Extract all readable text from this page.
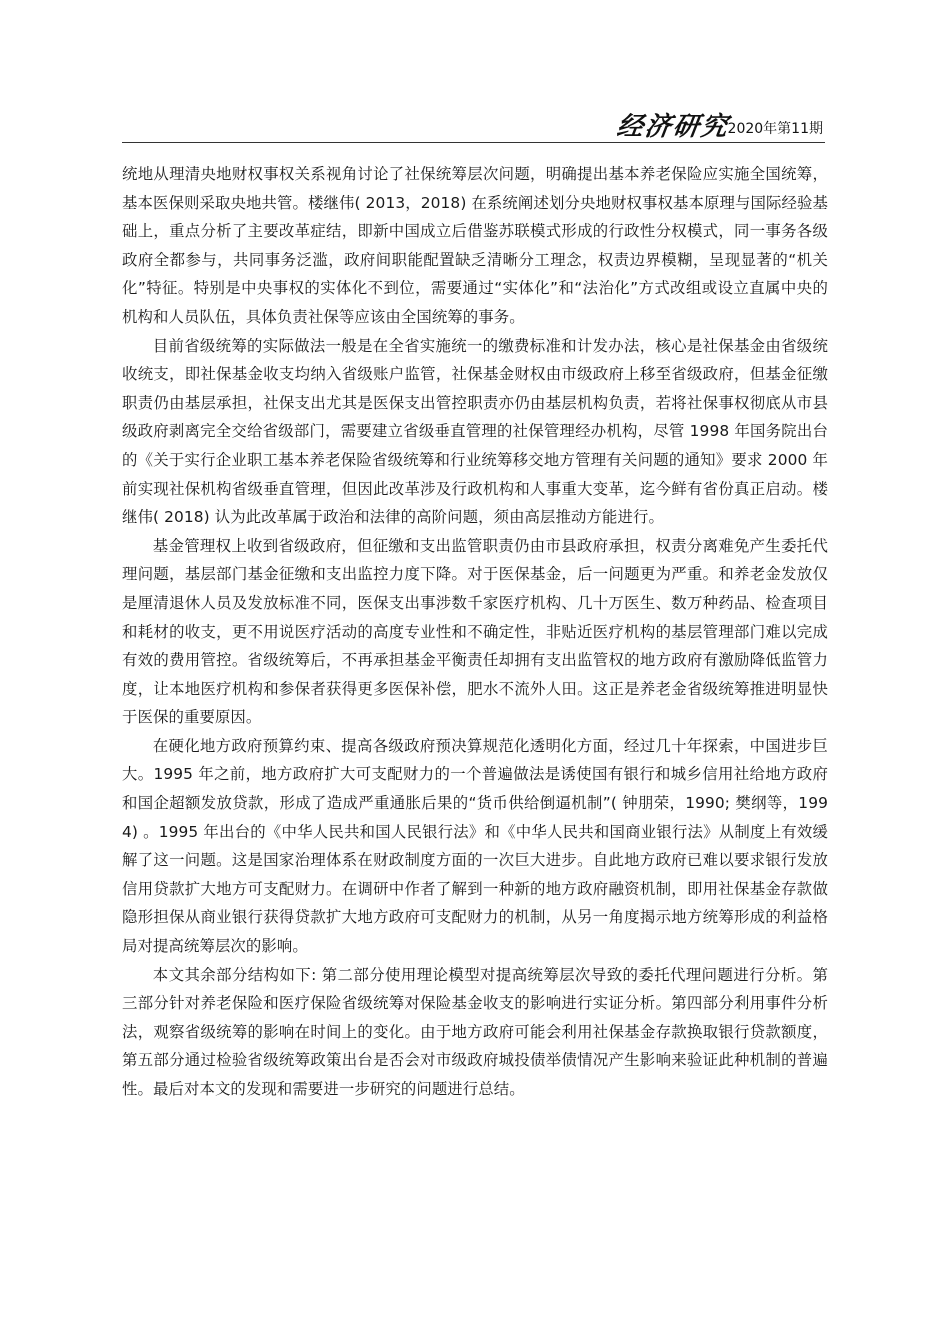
经济研究
2020年第11期

统地从理清央地财权事权关系视角讨论了社保统筹层次问题，明确提出基本养老保险应实施全国统筹，基本医保则采取央地共管。楼继伟( 2013，2018) 在系统阐述划分央地财权事权基本原理与国际经验基础上，重点分析了主要改革症结，即新中国成立后借鉴苏联模式形成的行政性分权模式，同一事务各级政府全都参与，共同事务泛滥，政府间职能配置缺乏清晰分工理念，权责边界模糊，呈现显著的“机关化”特征。特别是中央事权的实体化不到位，需要通过“实体化”和“法治化”方式改组或设立直属中央的机构和人员队伍，具体负责社保等应该由全国统筹的事务。

目前省级统筹的实际做法一般是在全省实施统一的缴费标准和计发办法，核心是社保基金由省级统收统支，即社保基金收支均纳入省级账户监管，社保基金财权由市级政府上移至省级政府，但基金征缴职责仍由基层承担，社保支出尤其是医保支出管控职责亦仍由基层机构负责，若将社保事权彻底从市县级政府剥离完全交给省级部门，需要建立省级垂直管理的社保管理经办机构，尽管 1998 年国务院出台的《关于实行企业职工基本养老保险省级统筹和行业统筹移交地方管理有关问题的通知》要求 2000 年前实现社保机构省级垂直管理，但因此改革涉及行政机构和人事重大变革，迄今鲜有省份真正启动。楼继伟( 2018) 认为此改革属于政治和法律的高阶问题，须由高层推动方能进行。

基金管理权上收到省级政府，但征缴和支出监管职责仍由市县政府承担，权责分离难免产生委托代理问题，基层部门基金征缴和支出监控力度下降。对于医保基金，后一问题更为严重。和养老金发放仅是厘清退休人员及发放标准不同，医保支出事涉数千家医疗机构、几十万医生、数万种药品、检查项目和耗材的收支，更不用说医疗活动的高度专业性和不确定性，非贴近医疗机构的基层管理部门难以完成有效的费用管控。省级统筹后，不再承担基金平衡责任却拥有支出监管权的地方政府有激励降低监管力度，让本地医疗机构和参保者获得更多医保补偿，肥水不流外人田。这正是养老金省级统筹推进明显快于医保的重要原因。

在硬化地方政府预算约束、提高各级政府预决算规范化透明化方面，经过几十年探索，中国进步巨大。1995 年之前，地方政府扩大可支配财力的一个普遍做法是诱使国有银行和城乡信用社给地方政府和国企超额发放贷款，形成了造成严重通胀后果的“货币供给倒逼机制”( 钟朋荣，1990; 樊纲等，1994) 。1995 年出台的《中华人民共和国人民银行法》和《中华人民共和国商业银行法》从制度上有效缓解了这一问题。这是国家治理体系在财政制度方面的一次巨大进步。自此地方政府已难以要求银行发放信用贷款扩大地方可支配财力。在调研中作者了解到一种新的地方政府融资机制，即用社保基金存款做隐形担保从商业银行获得贷款扩大地方政府可支配财力的机制，从另一角度揭示地方统筹形成的利益格局对提高统筹层次的影响。

本文其余部分结构如下: 第二部分使用理论模型对提高统筹层次导致的委托代理问题进行分析。第三部分针对养老保险和医疗保险省级统筹对保险基金收支的影响进行实证分析。第四部分利用事件分析法，观察省级统筹的影响在时间上的变化。由于地方政府可能会利用社保基金存款换取银行贷款额度，第五部分通过检验省级统筹政策出台是否会对市级政府城投债举债情况产生影响来验证此种机制的普遍性。最后对本文的发现和需要进一步研究的问题进行总结。
